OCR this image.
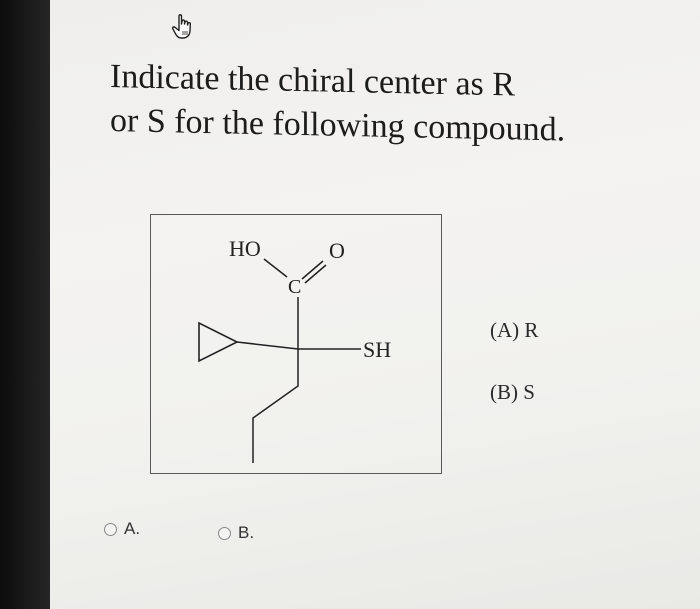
Indicate the chiral center as R
or S for the following compound.
HO	O
C
SH
(A) R
(B) S
A.	B.
